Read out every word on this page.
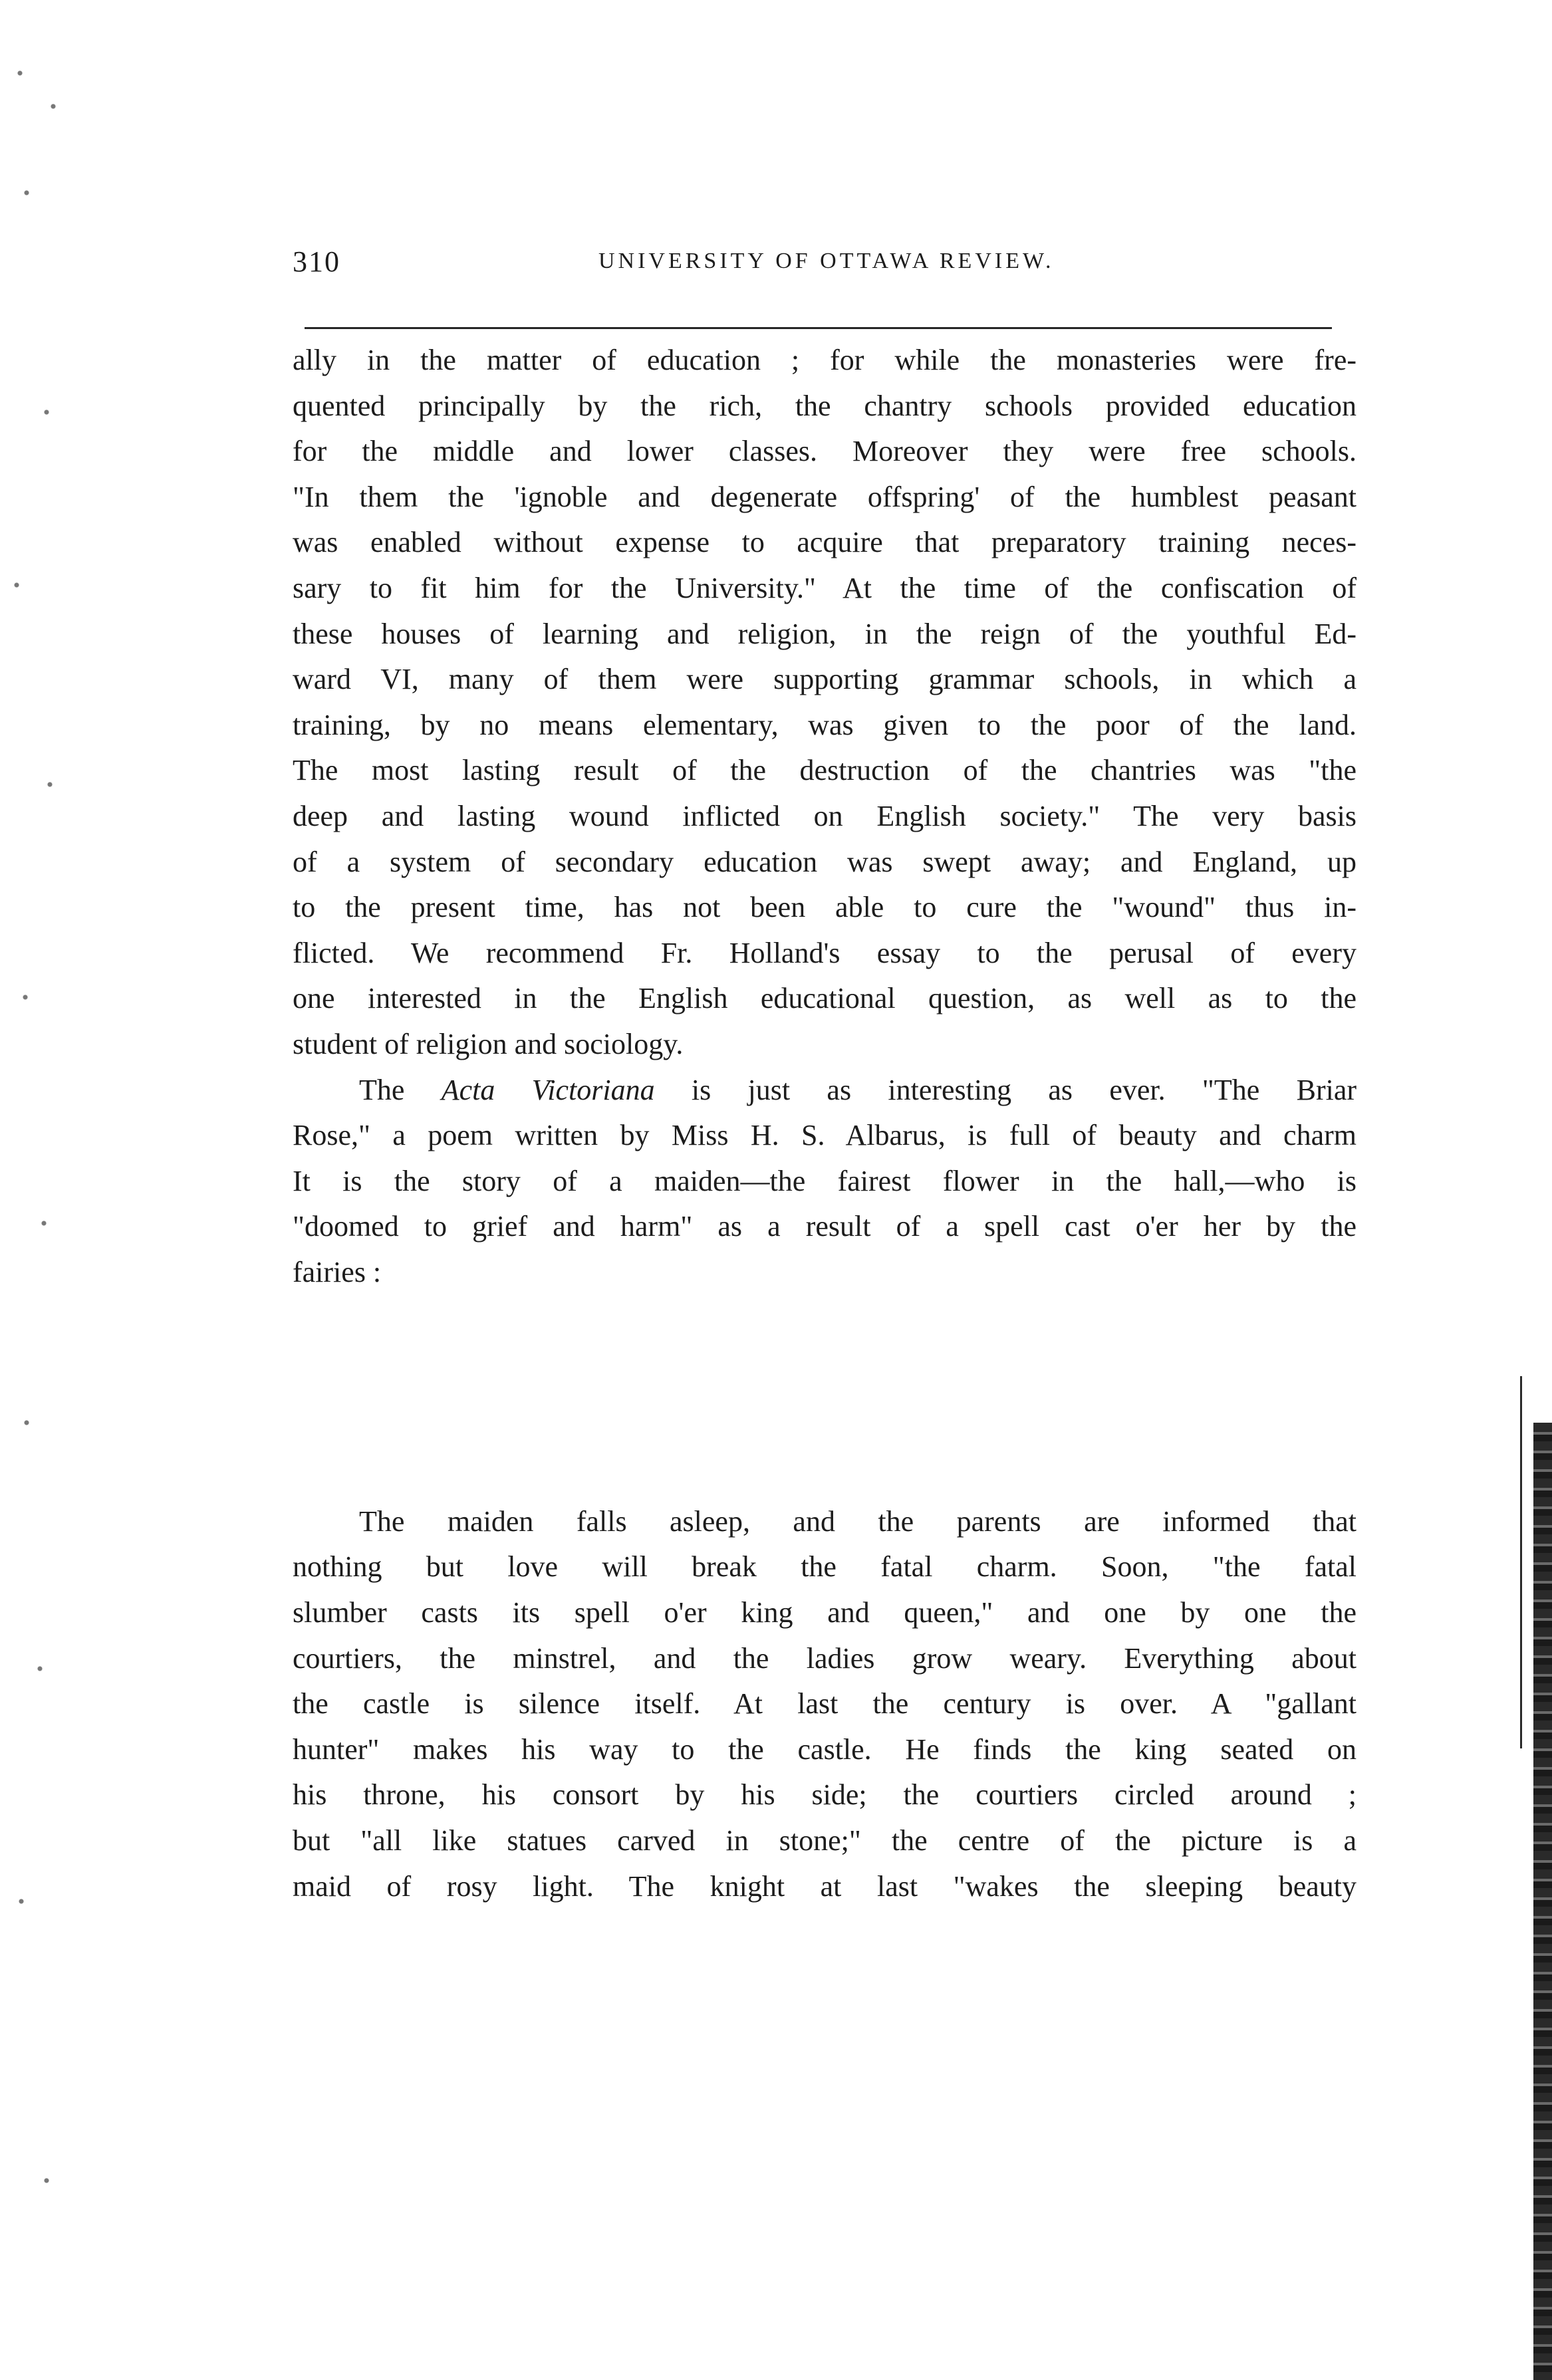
310	UNIVERSITY OF OTTAWA REVIEW.
ally in the matter of education ; for while the monasteries were fre-
quented principally by the rich, the chantry schools provided education
for the middle and lower classes. Moreover they were free schools.
"In them the 'ignoble and degenerate offspring' of the humblest peasant
was enabled without expense to acquire that preparatory training neces-
sary to fit him for the University." At the time of the confiscation of
these houses of learning and religion, in the reign of the youthful Ed-
ward VI, many of them were supporting grammar schools, in which a
training, by no means elementary, was given to the poor of the land.
The most lasting result of the destruction of the chantries was "the
deep and lasting wound inflicted on English society." The very basis
of a system of secondary education was swept away; and England, up
to the present time, has not been able to cure the "wound" thus in-
flicted. We recommend Fr. Holland's essay to the perusal of every
one interested in the English educational question, as well as to the
student of religion and sociology.
The Acta Victoriana is just as interesting as ever. "The Briar
Rose," a poem written by Miss H. S. Albarus, is full of beauty and charm
It is the story of a maiden—the fairest flower in the hall,—who is
"doomed to grief and harm" as a result of a spell cast o'er her by the
fairies :
The maiden falls asleep, and the parents are informed that
nothing but love will break the fatal charm. Soon, "the fatal
slumber casts its spell o'er king and queen," and one by one the
courtiers, the minstrel, and the ladies grow weary. Everything about
the castle is silence itself. At last the century is over. A "gallant
hunter" makes his way to the castle. He finds the king seated on
his throne, his consort by his side; the courtiers circled around ;
but "all like statues carved in stone;" the centre of the picture is a
maid of rosy light. The knight at last "wakes the sleeping beauty
